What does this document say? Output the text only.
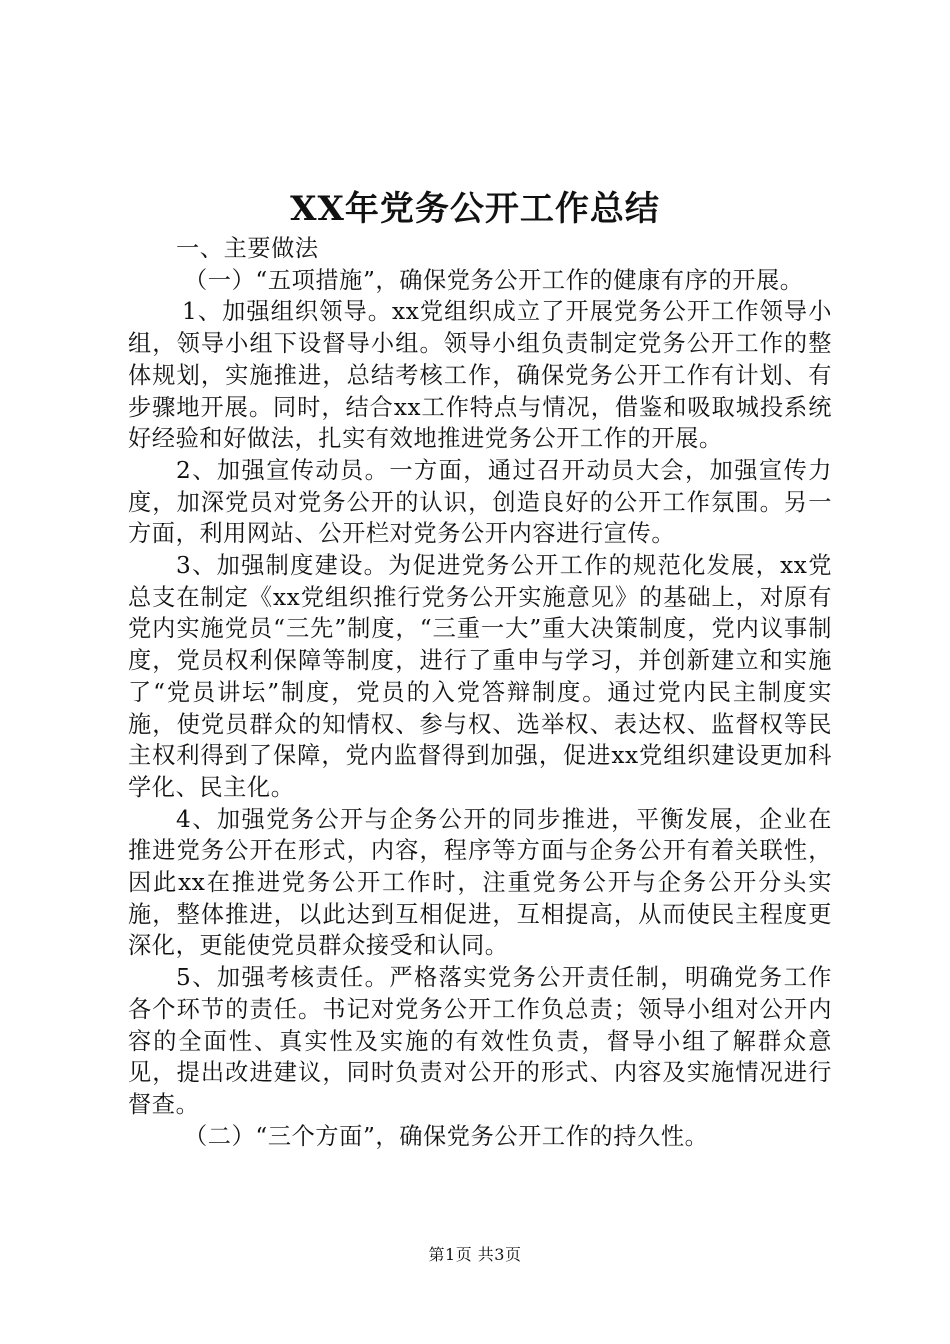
XX年党务公开工作总结

一、主要做法

（一）“五项措施”，确保党务公开工作的健康有序的开展。

1、加强组织领导。xx党组织成立了开展党务公开工作领导小组，领导小组下设督导小组。领导小组负责制定党务公开工作的整体规划，实施推进，总结考核工作，确保党务公开工作有计划、有步骤地开展。同时，结合xx工作特点与情况，借鉴和吸取城投系统好经验和好做法，扎实有效地推进党务公开工作的开展。

2、加强宣传动员。一方面，通过召开动员大会，加强宣传力度，加深党员对党务公开的认识，创造良好的公开工作氛围。另一方面，利用网站、公开栏对党务公开内容进行宣传。

3、加强制度建设。为促进党务公开工作的规范化发展，xx党总支在制定《xx党组织推行党务公开实施意见》的基础上，对原有党内实施党员“三先”制度，“三重一大”重大决策制度，党内议事制度，党员权利保障等制度，进行了重申与学习，并创新建立和实施了“党员讲坛”制度，党员的入党答辩制度。通过党内民主制度实施，使党员群众的知情权、参与权、选举权、表达权、监督权等民主权利得到了保障，党内监督得到加强，促进xx党组织建设更加科学化、民主化。

4、加强党务公开与企务公开的同步推进，平衡发展，企业在推进党务公开在形式，内容，程序等方面与企务公开有着关联性，因此xx在推进党务公开工作时，注重党务公开与企务公开分头实施，整体推进，以此达到互相促进，互相提高，从而使民主程度更深化，更能使党员群众接受和认同。

5、加强考核责任。严格落实党务公开责任制，明确党务工作各个环节的责任。书记对党务公开工作负总责；领导小组对公开内容的全面性、真实性及实施的有效性负责，督导小组了解群众意见，提出改进建议，同时负责对公开的形式、内容及实施情况进行督查。

（二）“三个方面”，确保党务公开工作的持久性。

第1页 共3页
